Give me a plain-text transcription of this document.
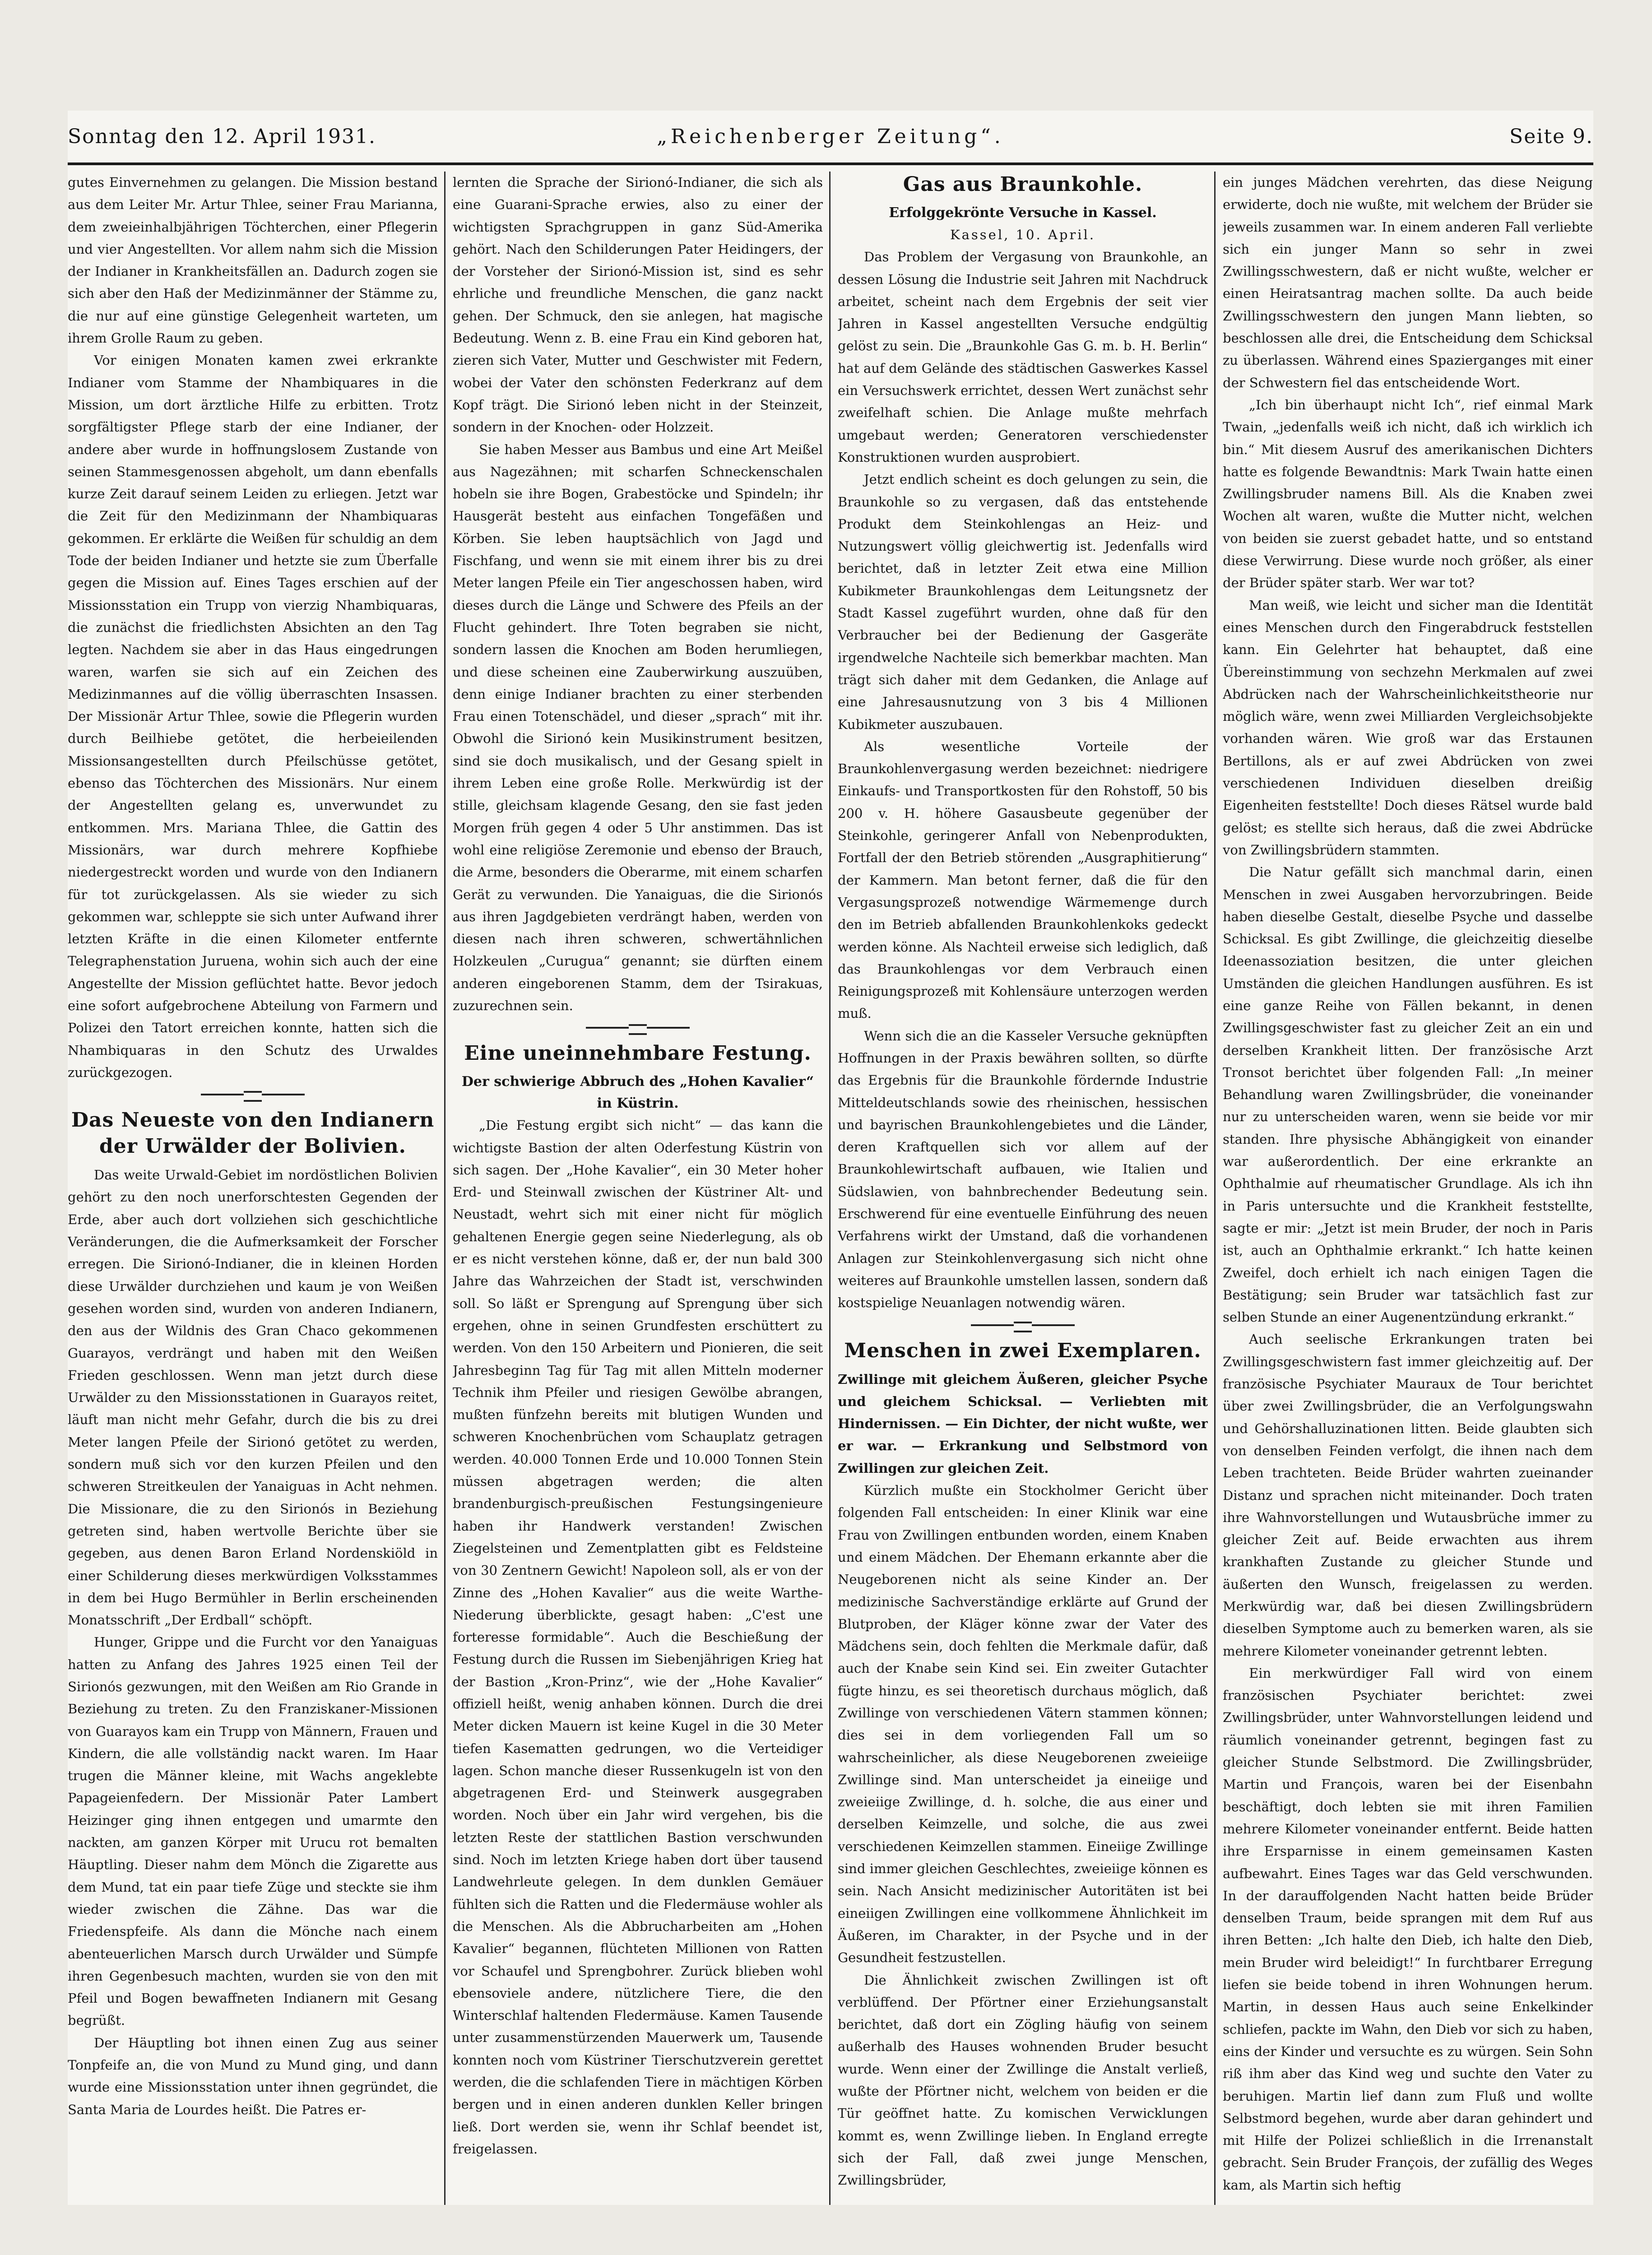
Sonntag den 12. April 1931.	„Reichenberger Zeitung“.	Seite 9.

gutes Einvernehmen zu gelangen. Die Mission bestand aus dem Leiter Mr. Artur Thlee, seiner Frau Marianna, dem zweieinhalbjährigen Töchterchen, einer Pflegerin und vier Angestellten. Vor allem nahm sich die Mission der Indianer in Krankheitsfällen an. Dadurch zogen sie sich aber den Haß der Medizinmänner der Stämme zu, die nur auf eine günstige Gelegenheit warteten, um ihrem Grolle Raum zu geben.

Vor einigen Monaten kamen zwei erkrankte Indianer vom Stamme der Nhambiquares in die Mission, um dort ärztliche Hilfe zu erbitten. Trotz sorgfältigster Pflege starb der eine Indianer, der andere aber wurde in hoffnungslosem Zustande von seinen Stammesgenossen abgeholt, um dann ebenfalls kurze Zeit darauf seinem Leiden zu erliegen. Jetzt war die Zeit für den Medizinmann der Nhambiquaras gekommen. Er erklärte die Weißen für schuldig an dem Tode der beiden Indianer und hetzte sie zum Überfalle gegen die Mission auf. Eines Tages erschien auf der Missionsstation ein Trupp von vierzig Nhambiquaras, die zunächst die friedlichsten Absichten an den Tag legten. Nachdem sie aber in das Haus eingedrungen waren, warfen sie sich auf ein Zeichen des Medizinmannes auf die völlig überraschten Insassen. Der Missionär Artur Thlee, sowie die Pflegerin wurden durch Beilhiebe getötet, die herbeieilenden Missionsangestellten durch Pfeilschüsse getötet, ebenso das Töchterchen des Missionärs. Nur einem der Angestellten gelang es, unverwundet zu entkommen. Mrs. Mariana Thlee, die Gattin des Missionärs, war durch mehrere Kopfhiebe niedergestreckt worden und wurde von den Indianern für tot zurückgelassen. Als sie wieder zu sich gekommen war, schleppte sie sich unter Aufwand ihrer letzten Kräfte in die einen Kilometer entfernte Telegraphenstation Juruena, wohin sich auch der eine Angestellte der Mission geflüchtet hatte. Bevor jedoch eine sofort aufgebrochene Abteilung von Farmern und Polizei den Tatort erreichen konnte, hatten sich die Nhambiquaras in den Schutz des Urwaldes zurückgezogen.

Das Neueste von den Indianern der Urwälder der Bolivien.

Das weite Urwald-Gebiet im nordöstlichen Bolivien gehört zu den noch unerforschtesten Gegenden der Erde, aber auch dort vollziehen sich geschichtliche Veränderungen, die die Aufmerksamkeit der Forscher erregen. Die Sirionó-Indianer, die in kleinen Horden diese Urwälder durchziehen und kaum je von Weißen gesehen worden sind, wurden von anderen Indianern, den aus der Wildnis des Gran Chaco gekommenen Guarayos, verdrängt und haben mit den Weißen Frieden geschlossen. Wenn man jetzt durch diese Urwälder zu den Missionsstationen in Guarayos reitet, läuft man nicht mehr Gefahr, durch die bis zu drei Meter langen Pfeile der Sirionó getötet zu werden, sondern muß sich vor den kurzen Pfeilen und den schweren Streitkeulen der Yanaiguas in Acht nehmen. Die Missionare, die zu den Sirionós in Beziehung getreten sind, haben wertvolle Berichte über sie gegeben, aus denen Baron Erland Nordenskiöld in einer Schilderung dieses merkwürdigen Volksstammes in dem bei Hugo Bermühler in Berlin erscheinenden Monatsschrift „Der Erdball“ schöpft.

Hunger, Grippe und die Furcht vor den Yanaiguas hatten zu Anfang des Jahres 1925 einen Teil der Sirionós gezwungen, mit den Weißen am Rio Grande in Beziehung zu treten. Zu den Franziskaner-Missionen von Guarayos kam ein Trupp von Männern, Frauen und Kindern, die alle vollständig nackt waren. Im Haar trugen die Männer kleine, mit Wachs angeklebte Papageienfedern. Der Missionär Pater Lambert Heizinger ging ihnen entgegen und umarmte den nackten, am ganzen Körper mit Urucu rot bemalten Häuptling. Dieser nahm dem Mönch die Zigarette aus dem Mund, tat ein paar tiefe Züge und steckte sie ihm wieder zwischen die Zähne. Das war die Friedenspfeife. Als dann die Mönche nach einem abenteuerlichen Marsch durch Urwälder und Sümpfe ihren Gegenbesuch machten, wurden sie von den mit Pfeil und Bogen bewaffneten Indianern mit Gesang begrüßt.

Der Häuptling bot ihnen einen Zug aus seiner Tonpfeife an, die von Mund zu Mund ging, und dann wurde eine Missionsstation unter ihnen gegründet, die Santa Maria de Lourdes heißt. Die Patres er-

lernten die Sprache der Sirionó-Indianer, die sich als eine Guarani-Sprache erwies, also zu einer der wichtigsten Sprachgruppen in ganz Süd-Amerika gehört. Nach den Schilderungen Pater Heidingers, der der Vorsteher der Sirionó-Mission ist, sind es sehr ehrliche und freundliche Menschen, die ganz nackt gehen. Der Schmuck, den sie anlegen, hat magische Bedeutung. Wenn z. B. eine Frau ein Kind geboren hat, zieren sich Vater, Mutter und Geschwister mit Federn, wobei der Vater den schönsten Federkranz auf dem Kopf trägt. Die Sirionó leben nicht in der Steinzeit, sondern in der Knochen- oder Holzzeit.

Sie haben Messer aus Bambus und eine Art Meißel aus Nagezähnen; mit scharfen Schneckenschalen hobeln sie ihre Bogen, Grabestöcke und Spindeln; ihr Hausgerät besteht aus einfachen Tongefäßen und Körben. Sie leben hauptsächlich von Jagd und Fischfang, und wenn sie mit einem ihrer bis zu drei Meter langen Pfeile ein Tier angeschossen haben, wird dieses durch die Länge und Schwere des Pfeils an der Flucht gehindert. Ihre Toten begraben sie nicht, sondern lassen die Knochen am Boden herumliegen, und diese scheinen eine Zauberwirkung auszuüben, denn einige Indianer brachten zu einer sterbenden Frau einen Totenschädel, und dieser „sprach“ mit ihr. Obwohl die Sirionó kein Musikinstrument besitzen, sind sie doch musikalisch, und der Gesang spielt in ihrem Leben eine große Rolle. Merkwürdig ist der stille, gleichsam klagende Gesang, den sie fast jeden Morgen früh gegen 4 oder 5 Uhr anstimmen. Das ist wohl eine religiöse Zeremonie und ebenso der Brauch, die Arme, besonders die Oberarme, mit einem scharfen Gerät zu verwunden. Die Yanaiguas, die die Sirionós aus ihren Jagdgebieten verdrängt haben, werden von diesen nach ihren schweren, schwertähnlichen Holzkeulen „Curugua“ genannt; sie dürften einem anderen eingeborenen Stamm, dem der Tsirakuas, zuzurechnen sein.

Eine uneinnehmbare Festung.

Der schwierige Abbruch des „Hohen Kavalier“ in Küstrin.

„Die Festung ergibt sich nicht“ — das kann die wichtigste Bastion der alten Oderfestung Küstrin von sich sagen. Der „Hohe Kavalier“, ein 30 Meter hoher Erd- und Steinwall zwischen der Küstriner Alt- und Neustadt, wehrt sich mit einer nicht für möglich gehaltenen Energie gegen seine Niederlegung, als ob er es nicht verstehen könne, daß er, der nun bald 300 Jahre das Wahrzeichen der Stadt ist, verschwinden soll. So läßt er Sprengung auf Sprengung über sich ergehen, ohne in seinen Grundfesten erschüttert zu werden. Von den 150 Arbeitern und Pionieren, die seit Jahresbeginn Tag für Tag mit allen Mitteln moderner Technik ihm Pfeiler und riesigen Gewölbe abrangen, mußten fünfzehn bereits mit blutigen Wunden und schweren Knochenbrüchen vom Schauplatz getragen werden. 40.000 Tonnen Erde und 10.000 Tonnen Stein müssen abgetragen werden; die alten brandenburgisch-preußischen Festungsingenieure haben ihr Handwerk verstanden! Zwischen Ziegelsteinen und Zementplatten gibt es Feldsteine von 30 Zentnern Gewicht! Napoleon soll, als er von der Zinne des „Hohen Kavalier“ aus die weite Warthe-Niederung überblickte, gesagt haben: „C'est une forteresse formidable“. Auch die Beschießung der Festung durch die Russen im Siebenjährigen Krieg hat der Bastion „Kron-Prinz“, wie der „Hohe Kavalier“ offiziell heißt, wenig anhaben können. Durch die drei Meter dicken Mauern ist keine Kugel in die 30 Meter tiefen Kasematten gedrungen, wo die Verteidiger lagen. Schon manche dieser Russenkugeln ist von den abgetragenen Erd- und Steinwerk ausgegraben worden. Noch über ein Jahr wird vergehen, bis die letzten Reste der stattlichen Bastion verschwunden sind. Noch im letzten Kriege haben dort über tausend Landwehrleute gelegen. In dem dunklen Gemäuer fühlten sich die Ratten und die Fledermäuse wohler als die Menschen. Als die Abbrucharbeiten am „Hohen Kavalier“ begannen, flüchteten Millionen von Ratten vor Schaufel und Sprengbohrer. Zurück blieben wohl ebensoviele andere, nützlichere Tiere, die den Winterschlaf haltenden Fledermäuse. Kamen Tausende unter zusammenstürzenden Mauerwerk um, Tausende konnten noch vom Küstriner Tierschutzverein gerettet werden, die die schlafenden Tiere in mächtigen Körben bergen und in einen anderen dunklen Keller bringen ließ. Dort werden sie, wenn ihr Schlaf beendet ist, freigelassen.

Gas aus Braunkohle.

Erfolggekrönte Versuche in Kassel.

Kassel, 10. April.

Das Problem der Vergasung von Braunkohle, an dessen Lösung die Industrie seit Jahren mit Nachdruck arbeitet, scheint nach dem Ergebnis der seit vier Jahren in Kassel angestellten Versuche endgültig gelöst zu sein. Die „Braunkohle Gas G. m. b. H. Berlin“ hat auf dem Gelände des städtischen Gaswerkes Kassel ein Versuchswerk errichtet, dessen Wert zunächst sehr zweifelhaft schien. Die Anlage mußte mehrfach umgebaut werden; Generatoren verschiedenster Konstruktionen wurden ausprobiert.

Jetzt endlich scheint es doch gelungen zu sein, die Braunkohle so zu vergasen, daß das entstehende Produkt dem Steinkohlengas an Heiz- und Nutzungswert völlig gleichwertig ist. Jedenfalls wird berichtet, daß in letzter Zeit etwa eine Million Kubikmeter Braunkohlengas dem Leitungsnetz der Stadt Kassel zugeführt wurden, ohne daß für den Verbraucher bei der Bedienung der Gasgeräte irgendwelche Nachteile sich bemerkbar machten. Man trägt sich daher mit dem Gedanken, die Anlage auf eine Jahresausnutzung von 3 bis 4 Millionen Kubikmeter auszubauen.

Als wesentliche Vorteile der Braunkohlenvergasung werden bezeichnet: niedrigere Einkaufs- und Transportkosten für den Rohstoff, 50 bis 200 v. H. höhere Gasausbeute gegenüber der Steinkohle, geringerer Anfall von Nebenprodukten, Fortfall der den Betrieb störenden „Ausgraphitierung“ der Kammern. Man betont ferner, daß die für den Vergasungsprozeß notwendige Wärmemenge durch den im Betrieb abfallenden Braunkohlenkoks gedeckt werden könne. Als Nachteil erweise sich lediglich, daß das Braunkohlengas vor dem Verbrauch einen Reinigungsprozeß mit Kohlensäure unterzogen werden muß.

Wenn sich die an die Kasseler Versuche geknüpften Hoffnungen in der Praxis bewähren sollten, so dürfte das Ergebnis für die Braunkohle fördernde Industrie Mitteldeutschlands sowie des rheinischen, hessischen und bayrischen Braunkohlengebietes und die Länder, deren Kraftquellen sich vor allem auf der Braunkohlewirtschaft aufbauen, wie Italien und Südslawien, von bahnbrechender Bedeutung sein. Erschwerend für eine eventuelle Einführung des neuen Verfahrens wirkt der Umstand, daß die vorhandenen Anlagen zur Steinkohlenvergasung sich nicht ohne weiteres auf Braunkohle umstellen lassen, sondern daß kostspielige Neuanlagen notwendig wären.

Menschen in zwei Exemplaren.

Zwillinge mit gleichem Äußeren, gleicher Psyche und gleichem Schicksal. — Verliebten mit Hindernissen. — Ein Dichter, der nicht wußte, wer er war. — Erkrankung und Selbstmord von Zwillingen zur gleichen Zeit.

Kürzlich mußte ein Stockholmer Gericht über folgenden Fall entscheiden: In einer Klinik war eine Frau von Zwillingen entbunden worden, einem Knaben und einem Mädchen. Der Ehemann erkannte aber die Neugeborenen nicht als seine Kinder an. Der medizinische Sachverständige erklärte auf Grund der Blutproben, der Kläger könne zwar der Vater des Mädchens sein, doch fehlten die Merkmale dafür, daß auch der Knabe sein Kind sei. Ein zweiter Gutachter fügte hinzu, es sei theoretisch durchaus möglich, daß Zwillinge von verschiedenen Vätern stammen können; dies sei in dem vorliegenden Fall um so wahrscheinlicher, als diese Neugeborenen zweieiige Zwillinge sind. Man unterscheidet ja eineiige und zweieiige Zwillinge, d. h. solche, die aus einer und derselben Keimzelle, und solche, die aus zwei verschiedenen Keimzellen stammen. Eineiige Zwillinge sind immer gleichen Geschlechtes, zweieiige können es sein. Nach Ansicht medizinischer Autoritäten ist bei eineiigen Zwillingen eine vollkommene Ähnlichkeit im Äußeren, im Charakter, in der Psyche und in der Gesundheit festzustellen.

Die Ähnlichkeit zwischen Zwillingen ist oft verblüffend. Der Pförtner einer Erziehungsanstalt berichtet, daß dort ein Zögling häufig von seinem außerhalb des Hauses wohnenden Bruder besucht wurde. Wenn einer der Zwillinge die Anstalt verließ, wußte der Pförtner nicht, welchem von beiden er die Tür geöffnet hatte. Zu komischen Verwicklungen kommt es, wenn Zwillinge lieben. In England erregte sich der Fall, daß zwei junge Menschen, Zwillingsbrüder,

ein junges Mädchen verehrten, das diese Neigung erwiderte, doch nie wußte, mit welchem der Brüder sie jeweils zusammen war. In einem anderen Fall verliebte sich ein junger Mann so sehr in zwei Zwillingsschwestern, daß er nicht wußte, welcher er einen Heiratsantrag machen sollte. Da auch beide Zwillingsschwestern den jungen Mann liebten, so beschlossen alle drei, die Entscheidung dem Schicksal zu überlassen. Während eines Spazierganges mit einer der Schwestern fiel das entscheidende Wort.

„Ich bin überhaupt nicht Ich“, rief einmal Mark Twain, „jedenfalls weiß ich nicht, daß ich wirklich ich bin.“ Mit diesem Ausruf des amerikanischen Dichters hatte es folgende Bewandtnis: Mark Twain hatte einen Zwillingsbruder namens Bill. Als die Knaben zwei Wochen alt waren, wußte die Mutter nicht, welchen von beiden sie zuerst gebadet hatte, und so entstand diese Verwirrung. Diese wurde noch größer, als einer der Brüder später starb. Wer war tot?

Man weiß, wie leicht und sicher man die Identität eines Menschen durch den Fingerabdruck feststellen kann. Ein Gelehrter hat behauptet, daß eine Übereinstimmung von sechzehn Merkmalen auf zwei Abdrücken nach der Wahrscheinlichkeitstheorie nur möglich wäre, wenn zwei Milliarden Vergleichsobjekte vorhanden wären. Wie groß war das Erstaunen Bertillons, als er auf zwei Abdrücken von zwei verschiedenen Individuen dieselben dreißig Eigenheiten feststellte! Doch dieses Rätsel wurde bald gelöst; es stellte sich heraus, daß die zwei Abdrücke von Zwillingsbrüdern stammten.

Die Natur gefällt sich manchmal darin, einen Menschen in zwei Ausgaben hervorzubringen. Beide haben dieselbe Gestalt, dieselbe Psyche und dasselbe Schicksal. Es gibt Zwillinge, die gleichzeitig dieselbe Ideenassoziation besitzen, die unter gleichen Umständen die gleichen Handlungen ausführen. Es ist eine ganze Reihe von Fällen bekannt, in denen Zwillingsgeschwister fast zu gleicher Zeit an ein und derselben Krankheit litten. Der französische Arzt Tronsot berichtet über folgenden Fall: „In meiner Behandlung waren Zwillingsbrüder, die voneinander nur zu unterscheiden waren, wenn sie beide vor mir standen. Ihre physische Abhängigkeit von einander war außerordentlich. Der eine erkrankte an Ophthalmie auf rheumatischer Grundlage. Als ich ihn in Paris untersuchte und die Krankheit feststellte, sagte er mir: „Jetzt ist mein Bruder, der noch in Paris ist, auch an Ophthalmie erkrankt.“ Ich hatte keinen Zweifel, doch erhielt ich nach einigen Tagen die Bestätigung; sein Bruder war tatsächlich fast zur selben Stunde an einer Augenentzündung erkrankt.“

Auch seelische Erkrankungen traten bei Zwillingsgeschwistern fast immer gleichzeitig auf. Der französische Psychiater Mauraux de Tour berichtet über zwei Zwillingsbrüder, die an Verfolgungswahn und Gehörshalluzinationen litten. Beide glaubten sich von denselben Feinden verfolgt, die ihnen nach dem Leben trachteten. Beide Brüder wahrten zueinander Distanz und sprachen nicht miteinander. Doch traten ihre Wahnvorstellungen und Wutausbrüche immer zu gleicher Zeit auf. Beide erwachten aus ihrem krankhaften Zustande zu gleicher Stunde und äußerten den Wunsch, freigelassen zu werden. Merkwürdig war, daß bei diesen Zwillingsbrüdern dieselben Symptome auch zu bemerken waren, als sie mehrere Kilometer voneinander getrennt lebten.

Ein merkwürdiger Fall wird von einem französischen Psychiater berichtet: zwei Zwillingsbrüder, unter Wahnvorstellungen leidend und räumlich voneinander getrennt, begingen fast zu gleicher Stunde Selbstmord. Die Zwillingsbrüder, Martin und François, waren bei der Eisenbahn beschäftigt, doch lebten sie mit ihren Familien mehrere Kilometer voneinander entfernt. Beide hatten ihre Ersparnisse in einem gemeinsamen Kasten aufbewahrt. Eines Tages war das Geld verschwunden. In der darauffolgenden Nacht hatten beide Brüder denselben Traum, beide sprangen mit dem Ruf aus ihren Betten: „Ich halte den Dieb, ich halte den Dieb, mein Bruder wird beleidigt!“ In furchtbarer Erregung liefen sie beide tobend in ihren Wohnungen herum. Martin, in dessen Haus auch seine Enkelkinder schliefen, packte im Wahn, den Dieb vor sich zu haben, eins der Kinder und versuchte es zu würgen. Sein Sohn riß ihm aber das Kind weg und suchte den Vater zu beruhigen. Martin lief dann zum Fluß und wollte Selbstmord begehen, wurde aber daran gehindert und mit Hilfe der Polizei schließlich in die Irrenanstalt gebracht. Sein Bruder François, der zufällig des Weges kam, als Martin sich heftig
